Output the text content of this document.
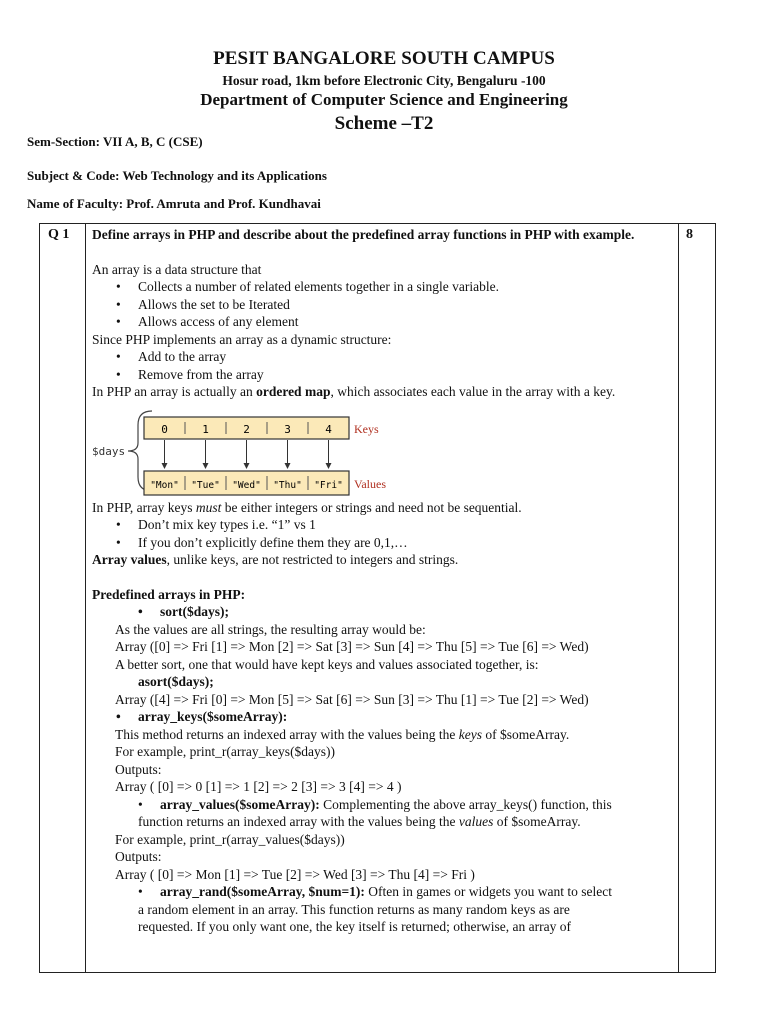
PESIT BANGALORE SOUTH CAMPUS
Hosur road, 1km before Electronic City, Bengaluru -100
Department of Computer Science and Engineering
Scheme –T2
Sem-Section: VII A, B, C (CSE)
Subject & Code: Web Technology and its Applications
Name of Faculty: Prof. Amruta and Prof. Kundhavai
Q 1	8

Define arrays in PHP and describe about the predefined array functions in PHP with example.

An array is a data structure that

• Collects a number of related elements together in a single variable.

• Allows the set to be Iterated

• Allows access of any element

Since PHP implements an array as a dynamic structure:

• Add to the array

• Remove from the array

In PHP an array is actually an ordered map, which associates each value in the array with a key.

$days
0	1	2	3	4
"Mon" "Tue" "Wed" "Thu" "Fri"
Keys
Values

In PHP, array keys must be either integers or strings and need not be sequential.

• Don’t mix key types i.e. “1” vs 1

• If you don’t explicitly define them they are 0,1,…

Array values, unlike keys, are not restricted to integers and strings.

Predefined arrays in PHP:

• sort($days);

As the values are all strings, the resulting array would be:

Array ([0] => Fri [1] => Mon [2] => Sat [3] => Sun [4] => Thu [5] => Tue [6] => Wed)

A better sort, one that would have kept keys and values associated together, is:

asort($days);

Array ([4] => Fri [0] => Mon [5] => Sat [6] => Sun [3] => Thu [1] => Tue [2] => Wed)

• array_keys($someArray):

This method returns an indexed array with the values being the keys of $someArray.

For example, print_r(array_keys($days))

Outputs:

Array ( [0] => 0 [1] => 1 [2] => 2 [3] => 3 [4] => 4 )

• array_values($someArray): Complementing the above array_keys() function, this

function returns an indexed array with the values being the values of $someArray.

For example, print_r(array_values($days))

Outputs:

Array ( [0] => Mon [1] => Tue [2] => Wed [3] => Thu [4] => Fri )

• array_rand($someArray, $num=1): Often in games or widgets you want to select

a random element in an array. This function returns as many random keys as are

requested. If you only want one, the key itself is returned; otherwise, an array of
